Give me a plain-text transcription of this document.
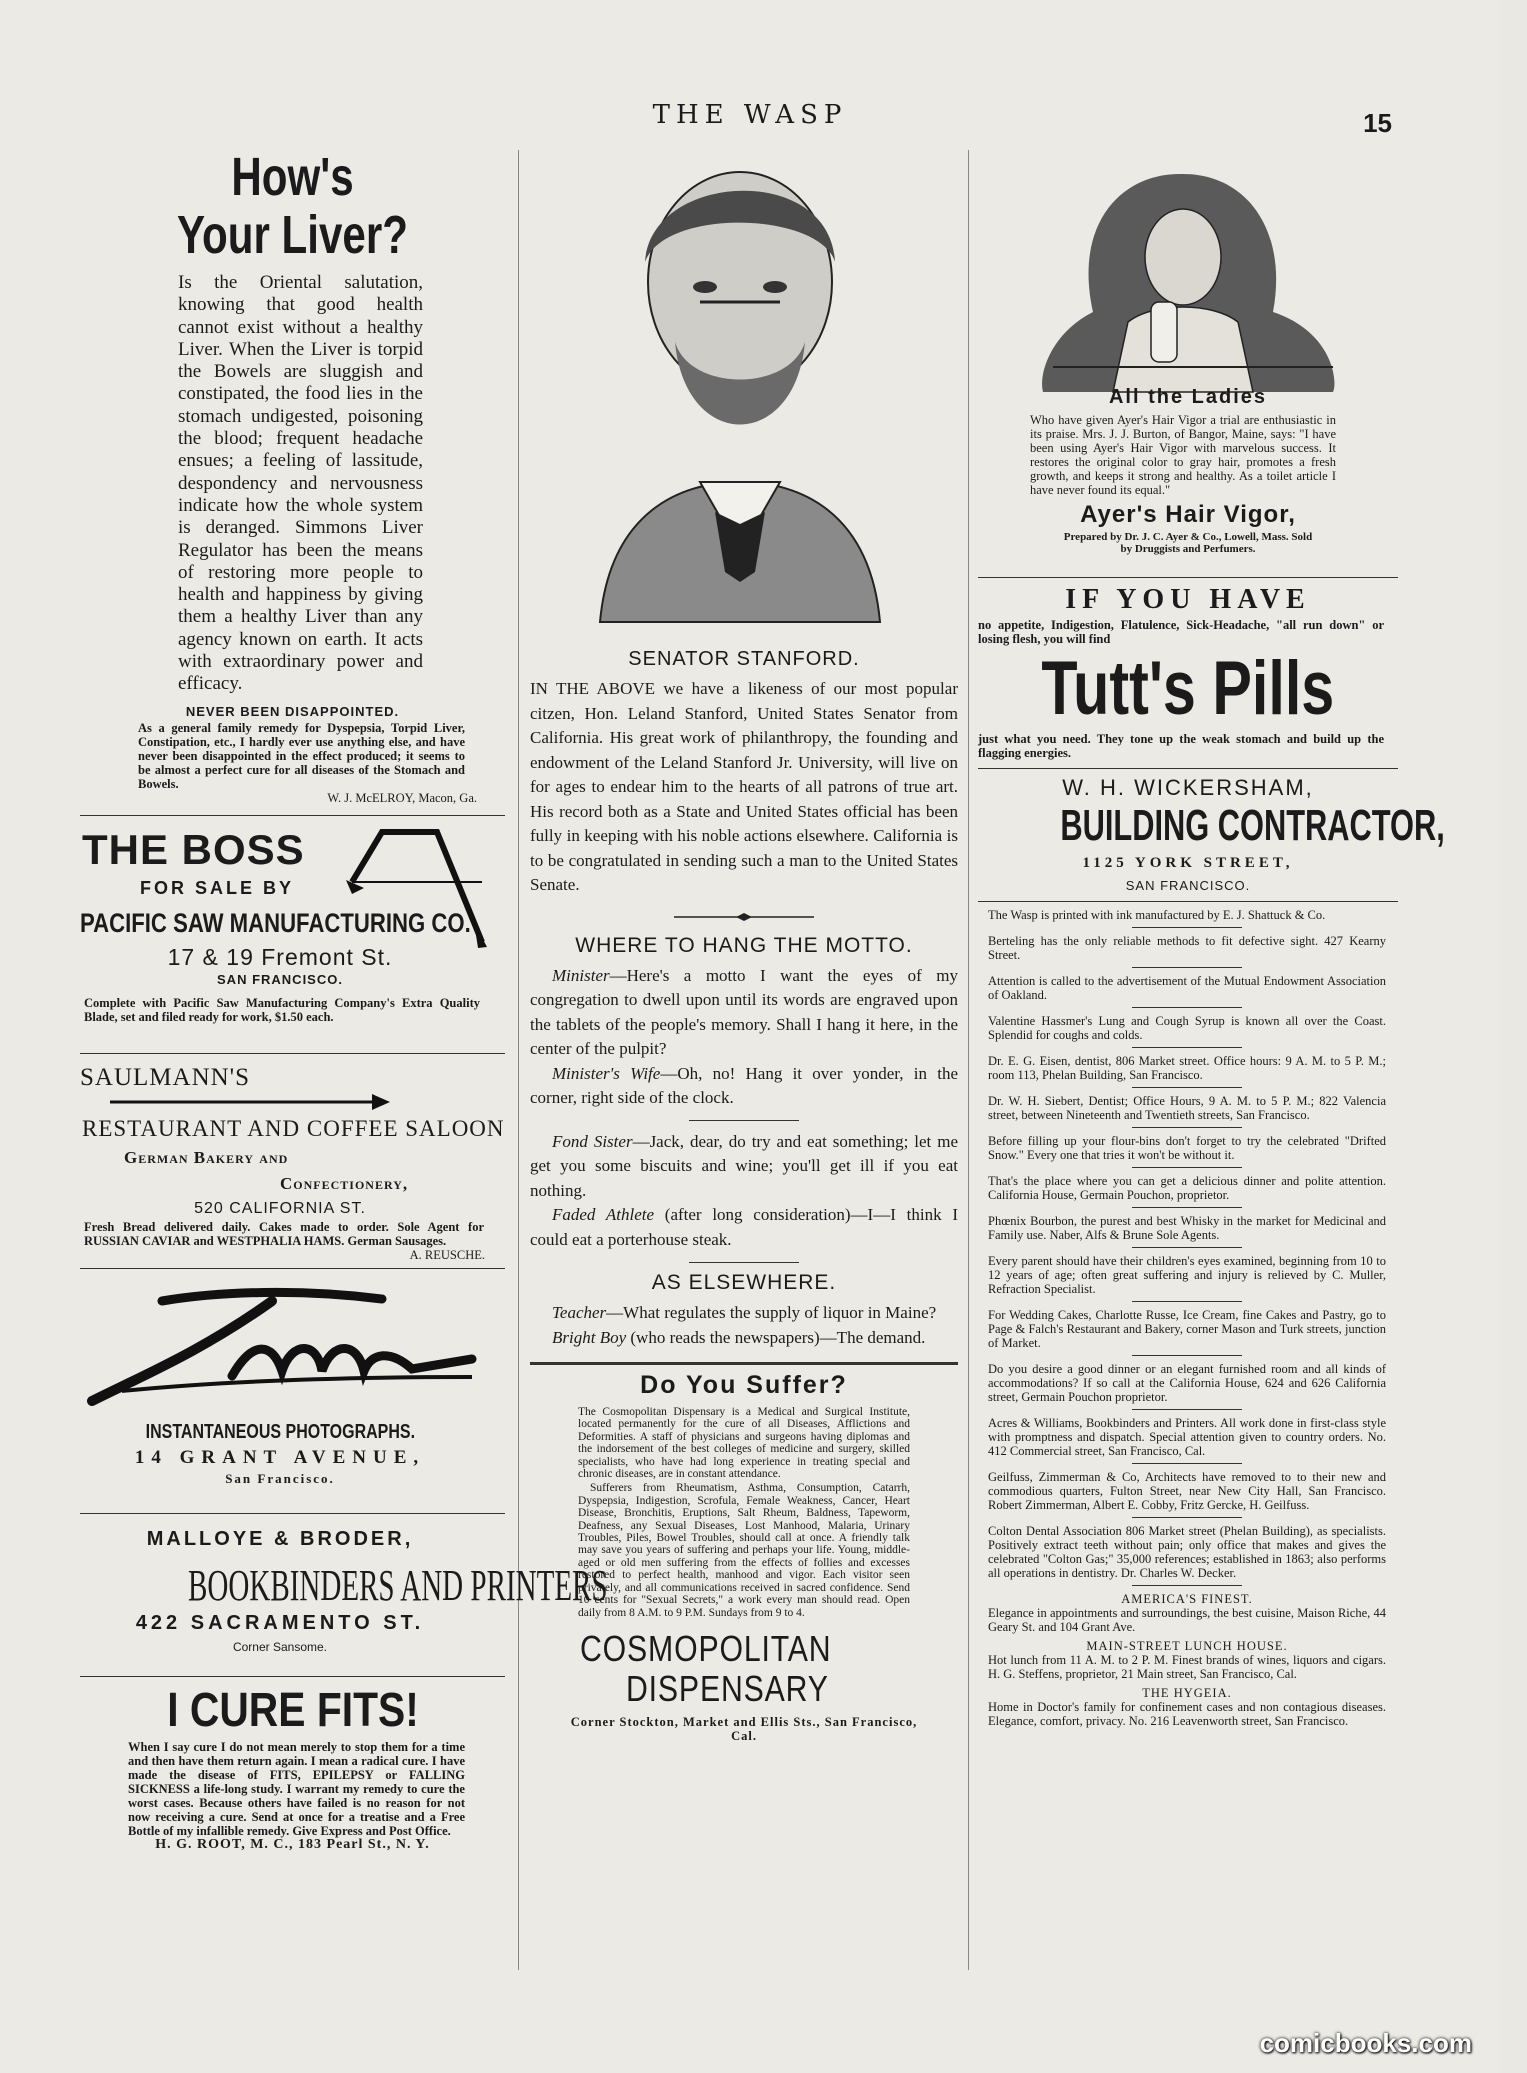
THE WASP	15
How's
Your Liver?
Is the Oriental salutation, knowing that good health cannot exist without a healthy Liver. When the Liver is torpid the Bowels are sluggish and constipated, the food lies in the stomach undigested, poisoning the blood; frequent headache ensues; a feeling of lassitude, despondency and nervousness indicate how the whole system is deranged. Simmons Liver Regulator has been the means of restoring more people to health and happiness by giving them a healthy Liver than any agency known on earth. It acts with extraordinary power and efficacy.
NEVER BEEN DISAPPOINTED.
As a general family remedy for Dyspepsia, Torpid Liver, Constipation, etc., I hardly ever use anything else, and have never been disappointed in the effect produced; it seems to be almost a perfect cure for all diseases of the Stomach and Bowels.
W. J. McELROY, Macon, Ga.
THE BOSS
FOR SALE BY
PACIFIC SAW MANUFACTURING CO.
17 & 19 Fremont St.
SAN FRANCISCO.
Complete with Pacific Saw Manufacturing Company's Extra Quality Blade, set and filed ready for work, $1.50 each.
SAULMANN'S
RESTAURANT AND COFFEE SALOON
German Bakery and
Confectionery,
520 CALIFORNIA ST.
Fresh Bread delivered daily. Cakes made to order. Sole Agent for RUSSIAN CAVIAR and WESTPHALIA HAMS. German Sausages.
A. REUSCHE.
INSTANTANEOUS PHOTOGRAPHS.
14 GRANT AVENUE,
San Francisco.
MALLOYE & BRODER,
BOOKBINDERS AND PRINTERS
422 SACRAMENTO ST.
Corner Sansome.
I CURE FITS!
When I say cure I do not mean merely to stop them for a time and then have them return again. I mean a radical cure. I have made the disease of FITS, EPILEPSY or FALLING SICKNESS a life-long study. I warrant my remedy to cure the worst cases. Because others have failed is no reason for not now receiving a cure. Send at once for a treatise and a Free Bottle of my infallible remedy. Give Express and Post Office.
H. G. ROOT, M. C., 183 Pearl St., N. Y.
SENATOR STANFORD.
IN THE ABOVE we have a likeness of our most popular citzen, Hon. Leland Stanford, United States Senator from California. His great work of philanthropy, the founding and endowment of the Leland Stanford Jr. University, will live on for ages to endear him to the hearts of all patrons of true art. His record both as a State and United States official has been fully in keeping with his noble actions elsewhere. California is to be congratulated in sending such a man to the United States Senate.
WHERE TO HANG THE MOTTO.

Minister—Here's a motto I want the eyes of my congregation to dwell upon until its words are engraved upon the tablets of the people's memory. Shall I hang it here, in the center of the pulpit?

Minister's Wife—Oh, no! Hang it over yonder, in the corner, right side of the clock.

Fond Sister—Jack, dear, do try and eat something; let me get you some biscuits and wine; you'll get ill if you eat nothing.

Faded Athlete (after long consideration)—I—I think I could eat a porterhouse steak.

AS ELSEWHERE.

Teacher—What regulates the supply of liquor in Maine?

Bright Boy (who reads the newspapers)—The demand.

Do You Suffer?
The Cosmopolitan Dispensary is a Medical and Surgical Institute, located permanently for the cure of all Diseases, Afflictions and Deformities. A staff of physicians and surgeons having diplomas and the indorsement of the best colleges of medicine and surgery, skilled specialists, who have had long experience in treating special and chronic diseases, are in constant attendance.
Sufferers from Rheumatism, Asthma, Consumption, Catarrh, Dyspepsia, Indigestion, Scrofula, Female Weakness, Cancer, Heart Disease, Bronchitis, Eruptions, Salt Rheum, Baldness, Tapeworm, Deafness, any Sexual Diseases, Lost Manhood, Malaria, Urinary Troubles, Piles, Bowel Troubles, should call at once. A friendly talk may save you years of suffering and perhaps your life. Young, middle-aged or old men suffering from the effects of follies and excesses restored to perfect health, manhood and vigor. Each visitor seen privately, and all communications received in sacred confidence. Send 10 cents for "Sexual Secrets," a work every man should read. Open daily from 8 A.M. to 9 P.M. Sundays from 9 to 4.
COSMOPOLITAN
DISPENSARY
Corner Stockton, Market and Ellis Sts., San Francisco, Cal.
All the Ladies
Who have given Ayer's Hair Vigor a trial are enthusiastic in its praise. Mrs. J. J. Burton, of Bangor, Maine, says: "I have been using Ayer's Hair Vigor with marvelous success. It restores the original color to gray hair, promotes a fresh growth, and keeps it strong and healthy. As a toilet article I have never found its equal."
Ayer's Hair Vigor,
Prepared by Dr. J. C. Ayer & Co., Lowell, Mass. Sold by Druggists and Perfumers.
IF YOU HAVE
no appetite, Indigestion, Flatulence, Sick-Headache, "all run down" or losing flesh, you will find
Tutt's Pills
just what you need. They tone up the weak stomach and build up the flagging energies.
W. H. WICKERSHAM,
BUILDING CONTRACTOR,
1125 YORK STREET,
SAN FRANCISCO.
The Wasp is printed with ink manufactured by E. J. Shattuck & Co.
Berteling has the only reliable methods to fit defective sight. 427 Kearny Street.
Attention is called to the advertisement of the Mutual Endowment Association of Oakland.
Valentine Hassmer's Lung and Cough Syrup is known all over the Coast. Splendid for coughs and colds.
Dr. E. G. Eisen, dentist, 806 Market street. Office hours: 9 A. M. to 5 P. M.; room 113, Phelan Building, San Francisco.
Dr. W. H. Siebert, Dentist; Office Hours, 9 A. M. to 5 P. M.; 822 Valencia street, between Nineteenth and Twentieth streets, San Francisco.
Before filling up your flour-bins don't forget to try the celebrated "Drifted Snow." Every one that tries it won't be without it.
That's the place where you can get a delicious dinner and polite attention. California House, Germain Pouchon, proprietor.
Phœnix Bourbon, the purest and best Whisky in the market for Medicinal and Family use. Naber, Alfs & Brune Sole Agents.
Every parent should have their children's eyes examined, beginning from 10 to 12 years of age; often great suffering and injury is relieved by C. Muller, Refraction Specialist.
For Wedding Cakes, Charlotte Russe, Ice Cream, fine Cakes and Pastry, go to Page & Falch's Restaurant and Bakery, corner Mason and Turk streets, junction of Market.
Do you desire a good dinner or an elegant furnished room and all kinds of accommodations? If so call at the California House, 624 and 626 California street, Germain Pouchon proprietor.
Acres & Williams, Bookbinders and Printers. All work done in first-class style with promptness and dispatch. Special attention given to country orders. No. 412 Commercial street, San Francisco, Cal.
Geilfuss, Zimmerman & Co, Architects have removed to to their new and commodious quarters, Fulton Street, near New City Hall, San Francisco. Robert Zimmerman, Albert E. Cobby, Fritz Gercke, H. Geilfuss.
Colton Dental Association 806 Market street (Phelan Building), as specialists. Positively extract teeth without pain; only office that makes and gives the celebrated "Colton Gas;" 35,000 references; established in 1863; also performs all operations in dentistry. Dr. Charles W. Decker.
AMERICA'S FINEST.
Elegance in appointments and surroundings, the best cuisine, Maison Riche, 44 Geary St. and 104 Grant Ave.
MAIN-STREET LUNCH HOUSE.
Hot lunch from 11 A. M. to 2 P. M. Finest brands of wines, liquors and cigars. H. G. Steffens, proprietor, 21 Main street, San Francisco, Cal.
THE HYGEIA.
Home in Doctor's family for confinement cases and non contagious diseases. Elegance, comfort, privacy. No. 216 Leavenworth street, San Francisco.
comicbooks.com
